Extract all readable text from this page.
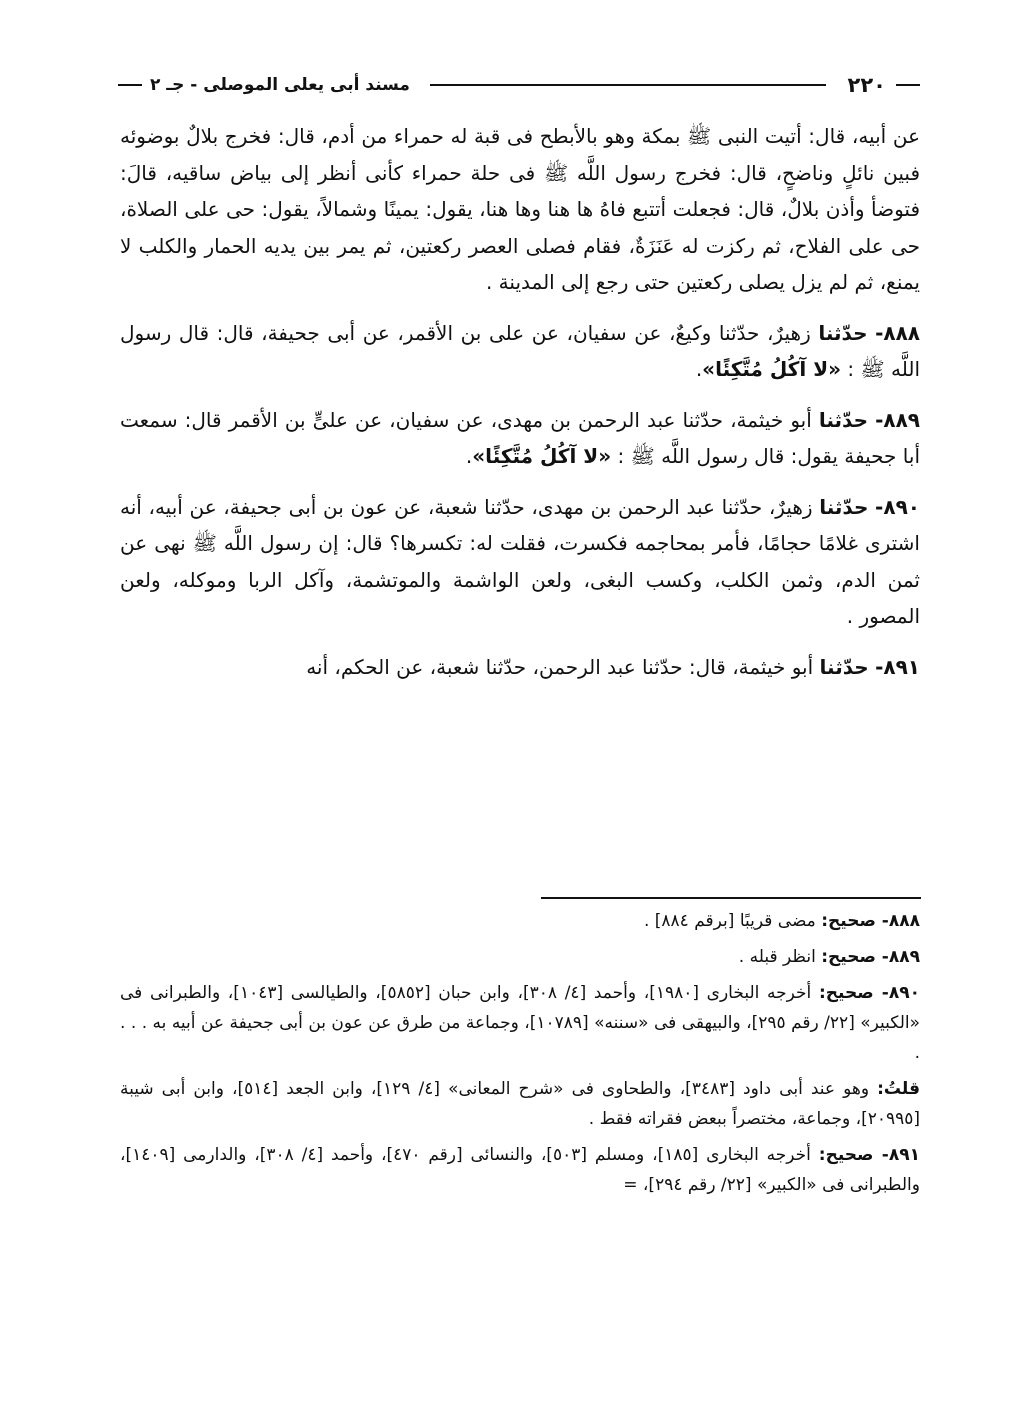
٢٢٠
مسند أبى يعلى الموصلى - جـ ٢

عن أبيه، قال: أتيت النبى ﷺ بمكة وهو بالأبطح فى قبة له حمراء من أدم، قال: فخرج بلالٌ بوضوئه فبين نائلٍ وناضحٍ، قال: فخرج رسول اللَّه ﷺ فى حلة حمراء كأنى أنظر إلى بياض ساقيه، قالَ: فتوضأ وأذن بلالٌ، قال: فجعلت أتتبع فاهُ ها هنا وها هنا، يقول: يمينًا وشمالاً، يقول: حى على الصلاة، حى على الفلاح، ثم ركزت له عَنَزَةٌ، فقام فصلى العصر ركعتين، ثم يمر بين يديه الحمار والكلب لا يمنع، ثم لم يزل يصلى ركعتين حتى رجع إلى المدينة .

٨٨٨- حدّثنا زهيرٌ، حدّثنا وكيعٌ، عن سفيان، عن على بن الأقمر، عن أبى جحيفة، قال: قال رسول اللَّه ﷺ : «لا آكُلُ مُتَّكِئًا».

٨٨٩- حدّثنا أبو خيثمة، حدّثنا عبد الرحمن بن مهدى، عن سفيان، عن علىٍّ بن الأقمر قال: سمعت أبا جحيفة يقول: قال رسول اللَّه ﷺ : «لا آكُلُ مُتَّكِئًا».

٨٩٠- حدّثنا زهيرٌ، حدّثنا عبد الرحمن بن مهدى، حدّثنا شعبة، عن عون بن أبى جحيفة، عن أبيه، أنه اشترى غلامًا حجامًا، فأمر بمحاجمه فكسرت، فقلت له: تكسرها؟ قال: إن رسول اللَّه ﷺ نهى عن ثمن الدم، وثمن الكلب، وكسب البغى، ولعن الواشمة والموتشمة، وآكل الربا وموكله، ولعن المصور .

٨٩١- حدّثنا أبو خيثمة، قال: حدّثنا عبد الرحمن، حدّثنا شعبة، عن الحكم، أنه

٨٨٨- صحيح: مضى قريبًا [برقم ٨٨٤] .

٨٨٩- صحيح: انظر قبله .

٨٩٠- صحيح: أخرجه البخارى [١٩٨٠]، وأحمد [٤/ ٣٠٨]، وابن حبان [٥٨٥٢]، والطيالسى [١٠٤٣]، والطبرانى فى «الكبير» [٢٢/ رقم ٢٩٥]، والبيهقى فى «سننه» [١٠٧٨٩]، وجماعة من طرق عن عون بن أبى جحيفة عن أبيه به . . . .

قلتُ: وهو عند أبى داود [٣٤٨٣]، والطحاوى فى «شرح المعانى» [٤/ ١٢٩]، وابن الجعد [٥١٤]، وابن أبى شيبة [٢٠٩٩٥]، وجماعة، مختصراً ببعض فقراته فقط .

٨٩١- صحيح: أخرجه البخارى [١٨٥]، ومسلم [٥٠٣]، والنسائى [رقم ٤٧٠]، وأحمد [٤/ ٣٠٨]، والدارمى [١٤٠٩]، والطبرانى فى «الكبير» [٢٢/ رقم ٢٩٤]، =
